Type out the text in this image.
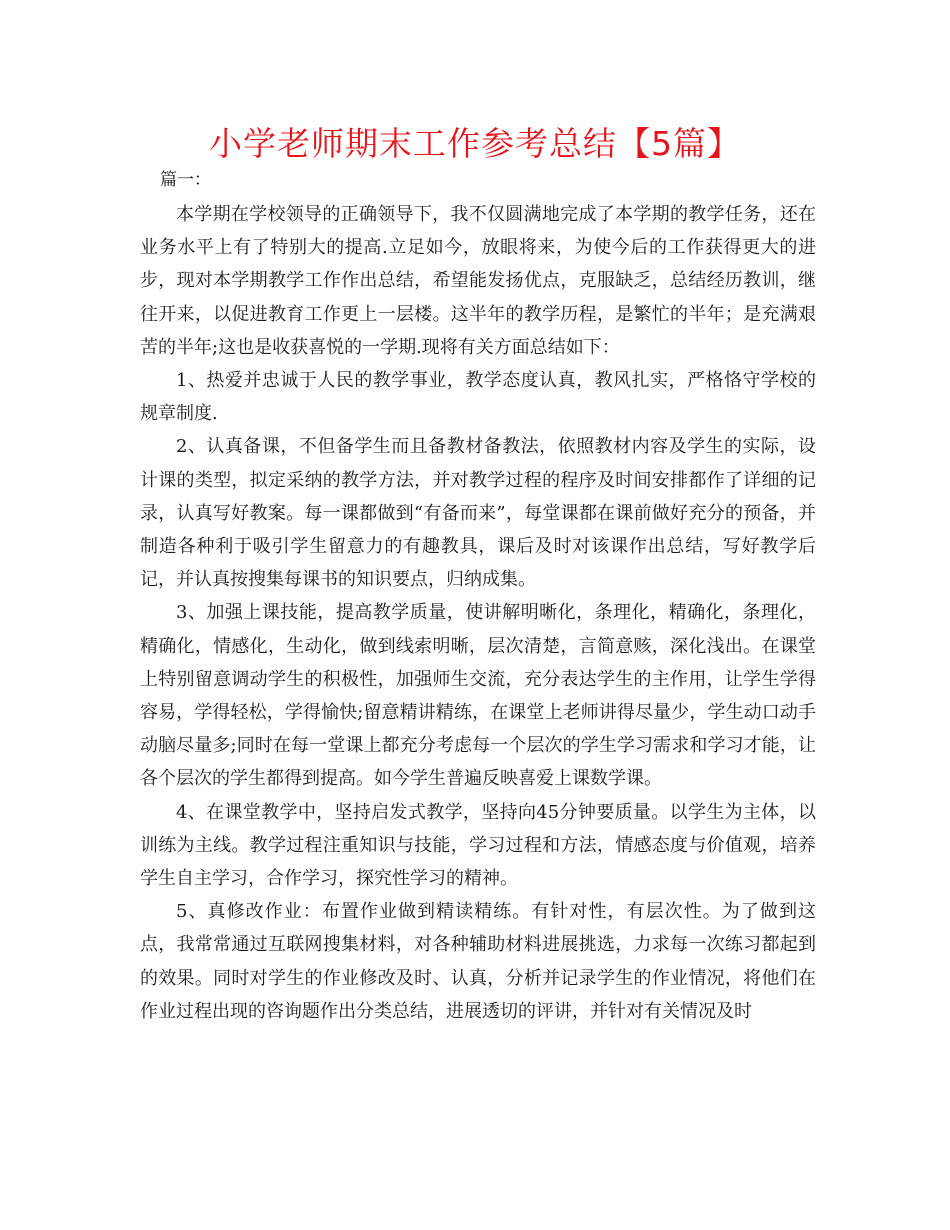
小学老师期末工作参考总结【5篇】
篇一：

本学期在学校领导的正确领导下，我不仅圆满地完成了本学期的教学任务，还在业务水平上有了特别大的提高.立足如今，放眼将来，为使今后的工作获得更大的进步，现对本学期教学工作作出总结，希望能发扬优点，克服缺乏，总结经历教训，继往开来，以促进教育工作更上一层楼。这半年的教学历程，是繁忙的半年；是充满艰苦的半年;这也是收获喜悦的一学期.现将有关方面总结如下：

1、热爱并忠诚于人民的教学事业，教学态度认真，教风扎实，严格恪守学校的规章制度.

2、认真备课，不但备学生而且备教材备教法，依照教材内容及学生的实际，设计课的类型，拟定采纳的教学方法，并对教学过程的程序及时间安排都作了详细的记录，认真写好教案。每一课都做到“有备而来”，每堂课都在课前做好充分的预备，并制造各种利于吸引学生留意力的有趣教具，课后及时对该课作出总结，写好教学后记，并认真按搜集每课书的知识要点，归纳成集。

3、加强上课技能，提高教学质量，使讲解明晰化，条理化，精确化，条理化，精确化，情感化，生动化，做到线索明晰，层次清楚，言简意赅，深化浅出。在课堂上特别留意调动学生的积极性，加强师生交流，充分表达学生的主作用，让学生学得容易，学得轻松，学得愉快;留意精讲精练，在课堂上老师讲得尽量少，学生动口动手动脑尽量多;同时在每一堂课上都充分考虑每一个层次的学生学习需求和学习才能，让各个层次的学生都得到提高。如今学生普遍反映喜爱上课数学课。

4、在课堂教学中，坚持启发式教学，坚持向45分钟要质量。以学生为主体，以训练为主线。教学过程注重知识与技能，学习过程和方法，情感态度与价值观，培养学生自主学习，合作学习，探究性学习的精神。

5、真修改作业：布置作业做到精读精练。有针对性，有层次性。为了做到这点，我常常通过互联网搜集材料，对各种辅助材料进展挑选，力求每一次练习都起到的效果。同时对学生的作业修改及时、认真，分析并记录学生的作业情况，将他们在作业过程出现的咨询题作出分类总结，进展透切的评讲，并针对有关情况及时
